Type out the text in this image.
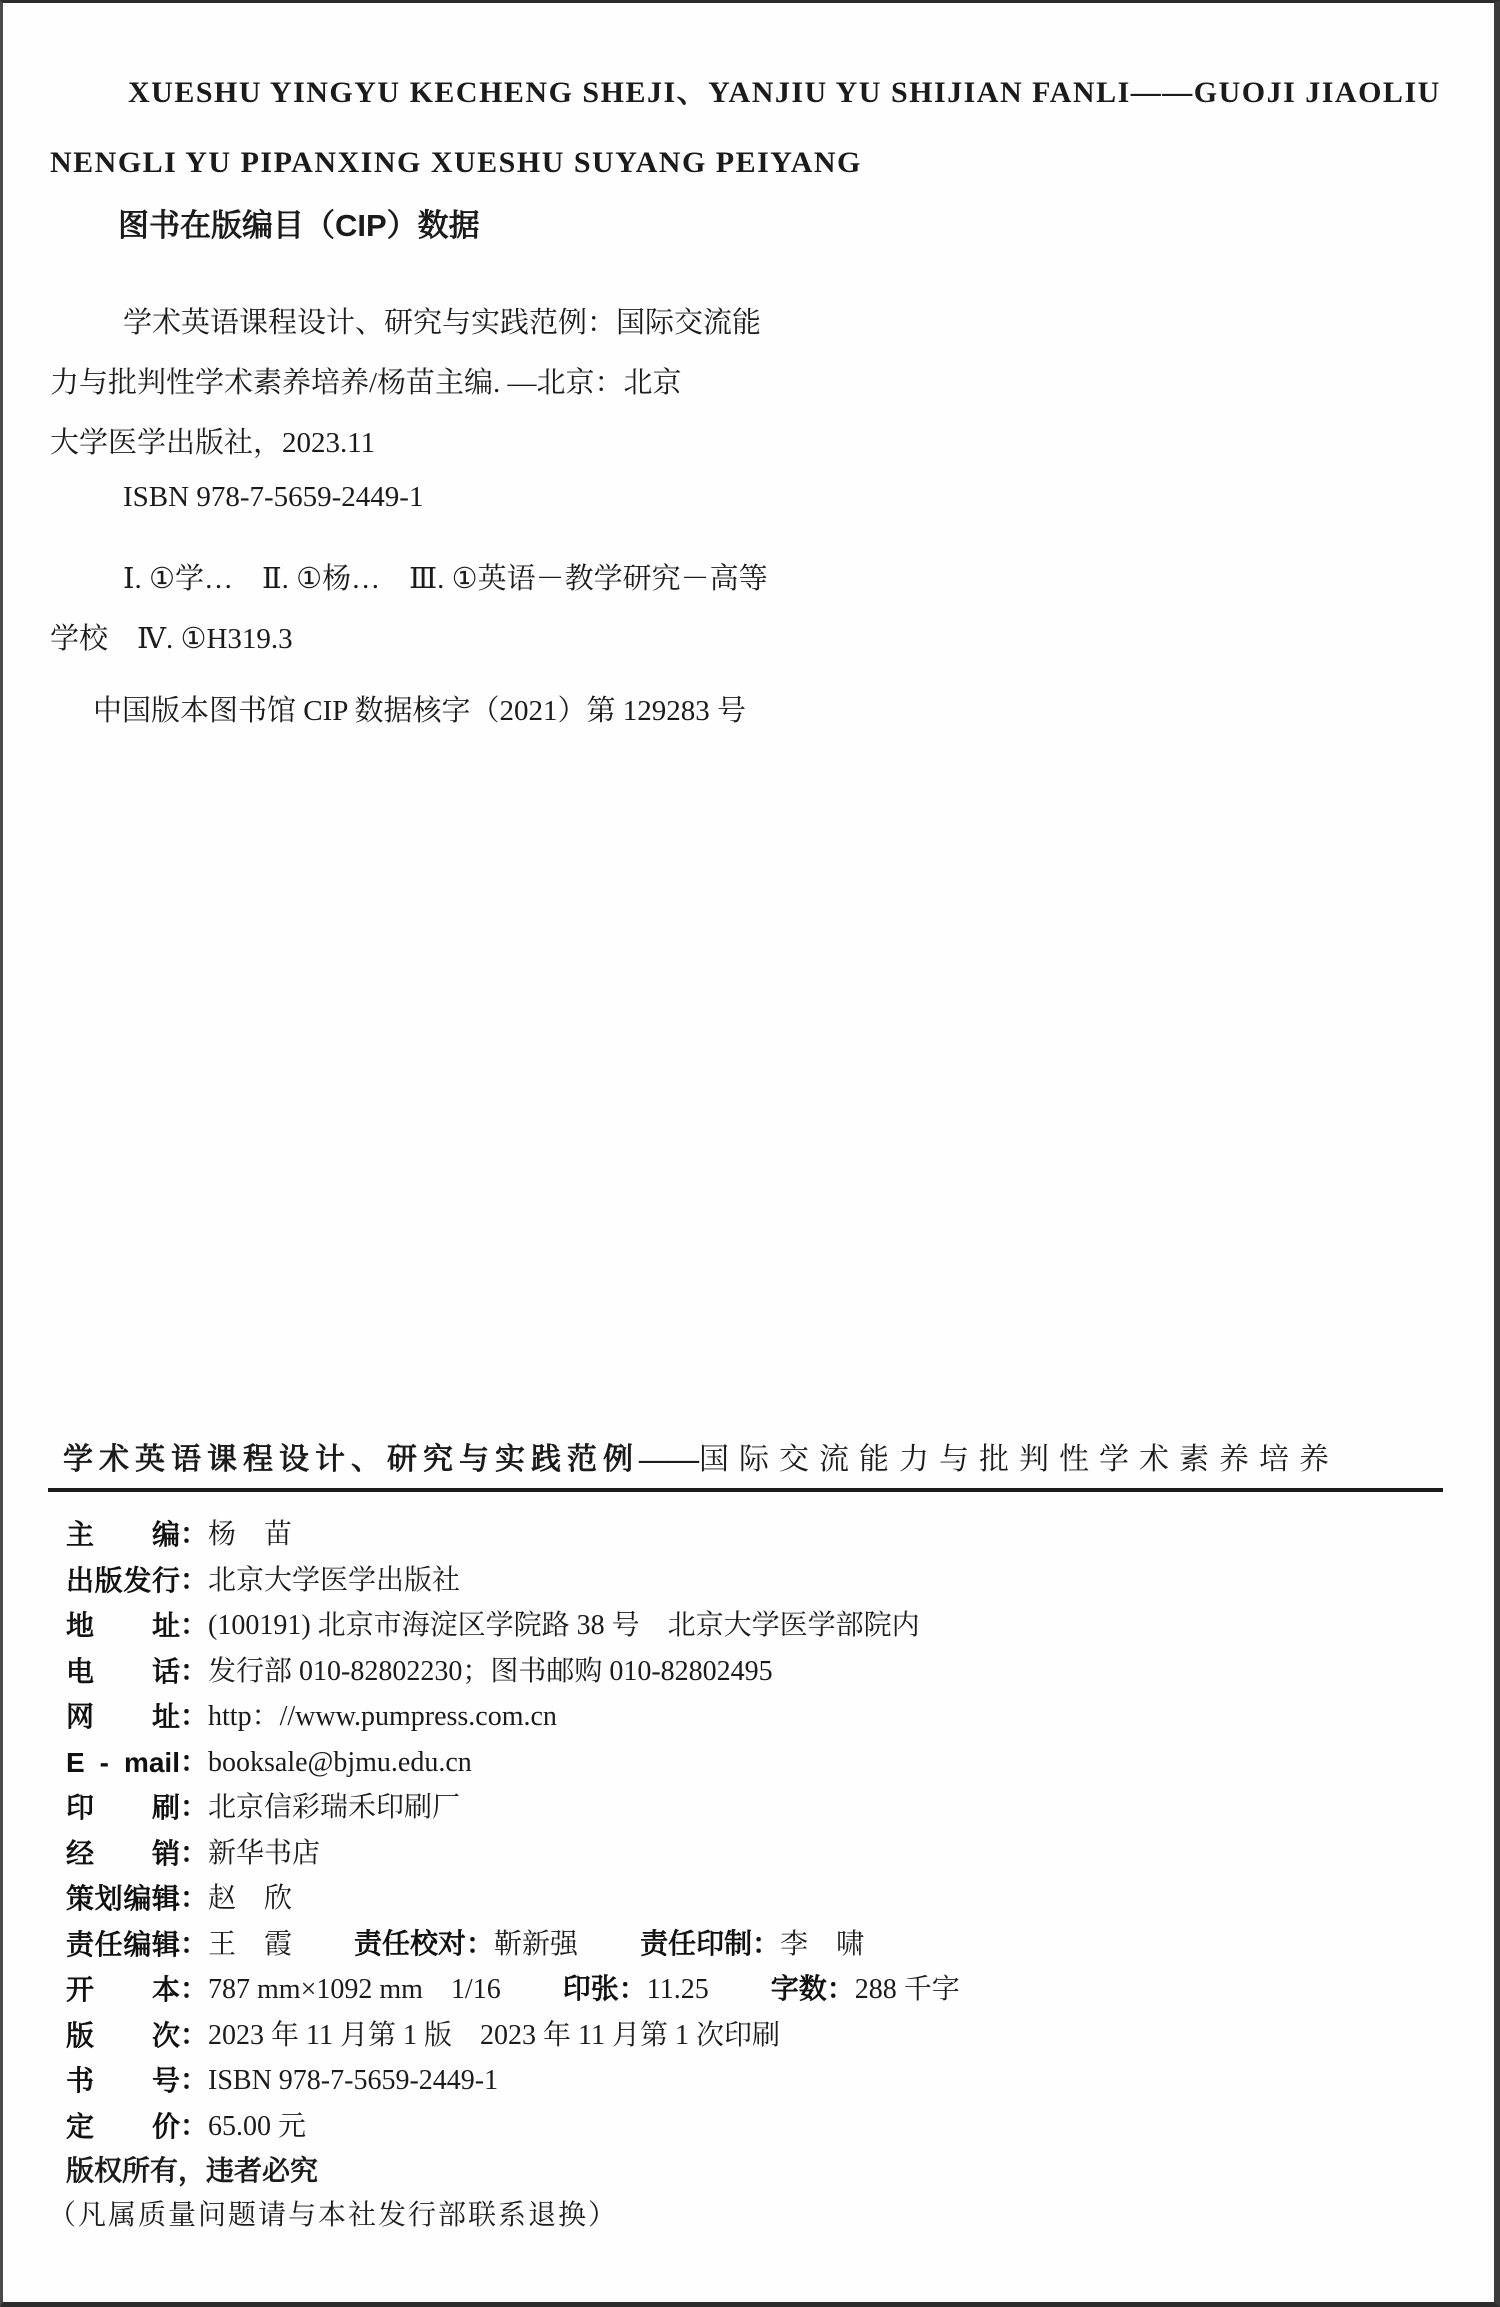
XUESHU YINGYU KECHENG SHEJI、YANJIU YU SHIJIAN FANLI——GUOJI JIAOLIU
NENGLI YU PIPANXING XUESHU SUYANG PEIYANG
图书在版编目（CIP）数据
学术英语课程设计、研究与实践范例：国际交流能
力与批判性学术素养培养/杨苗主编. —北京：北京
大学医学出版社，2023.11
ISBN 978-7-5659-2449-1
Ⅰ. ①学…　Ⅱ. ①杨…　Ⅲ. ①英语－教学研究－高等
学校　Ⅳ. ①H319.3
中国版本图书馆 CIP 数据核字（2021）第 129283 号
学术英语课程设计、研究与实践范例——国际交流能力与批判性学术素养培养
主 编 ：杨　苗
出 版 发 行 ：北京大学医学出版社
地 址 ：(100191) 北京市海淀区学院路 38 号　北京大学医学部院内
电 话 ：发行部 010-82802230；图书邮购 010-82802495
网 址 ：http：//www.pumpress.com.cn
E - mail ：booksale@bjmu.edu.cn
印 刷 ：北京信彩瑞禾印刷厂
经 销 ：新华书店
策 划 编 辑 ：赵　欣
责 任 编 辑 ：王　霞 责任校对：靳新强 责任印制：李　啸
开 本 ：787 mm×1092 mm　1/16 印张：11.25 字数：288 千字
版 次 ：2023 年 11 月第 1 版　2023 年 11 月第 1 次印刷
书 号 ：ISBN 978-7-5659-2449-1
定 价 ：65.00 元
版权所有，违者必究
（凡属质量问题请与本社发行部联系退换）
